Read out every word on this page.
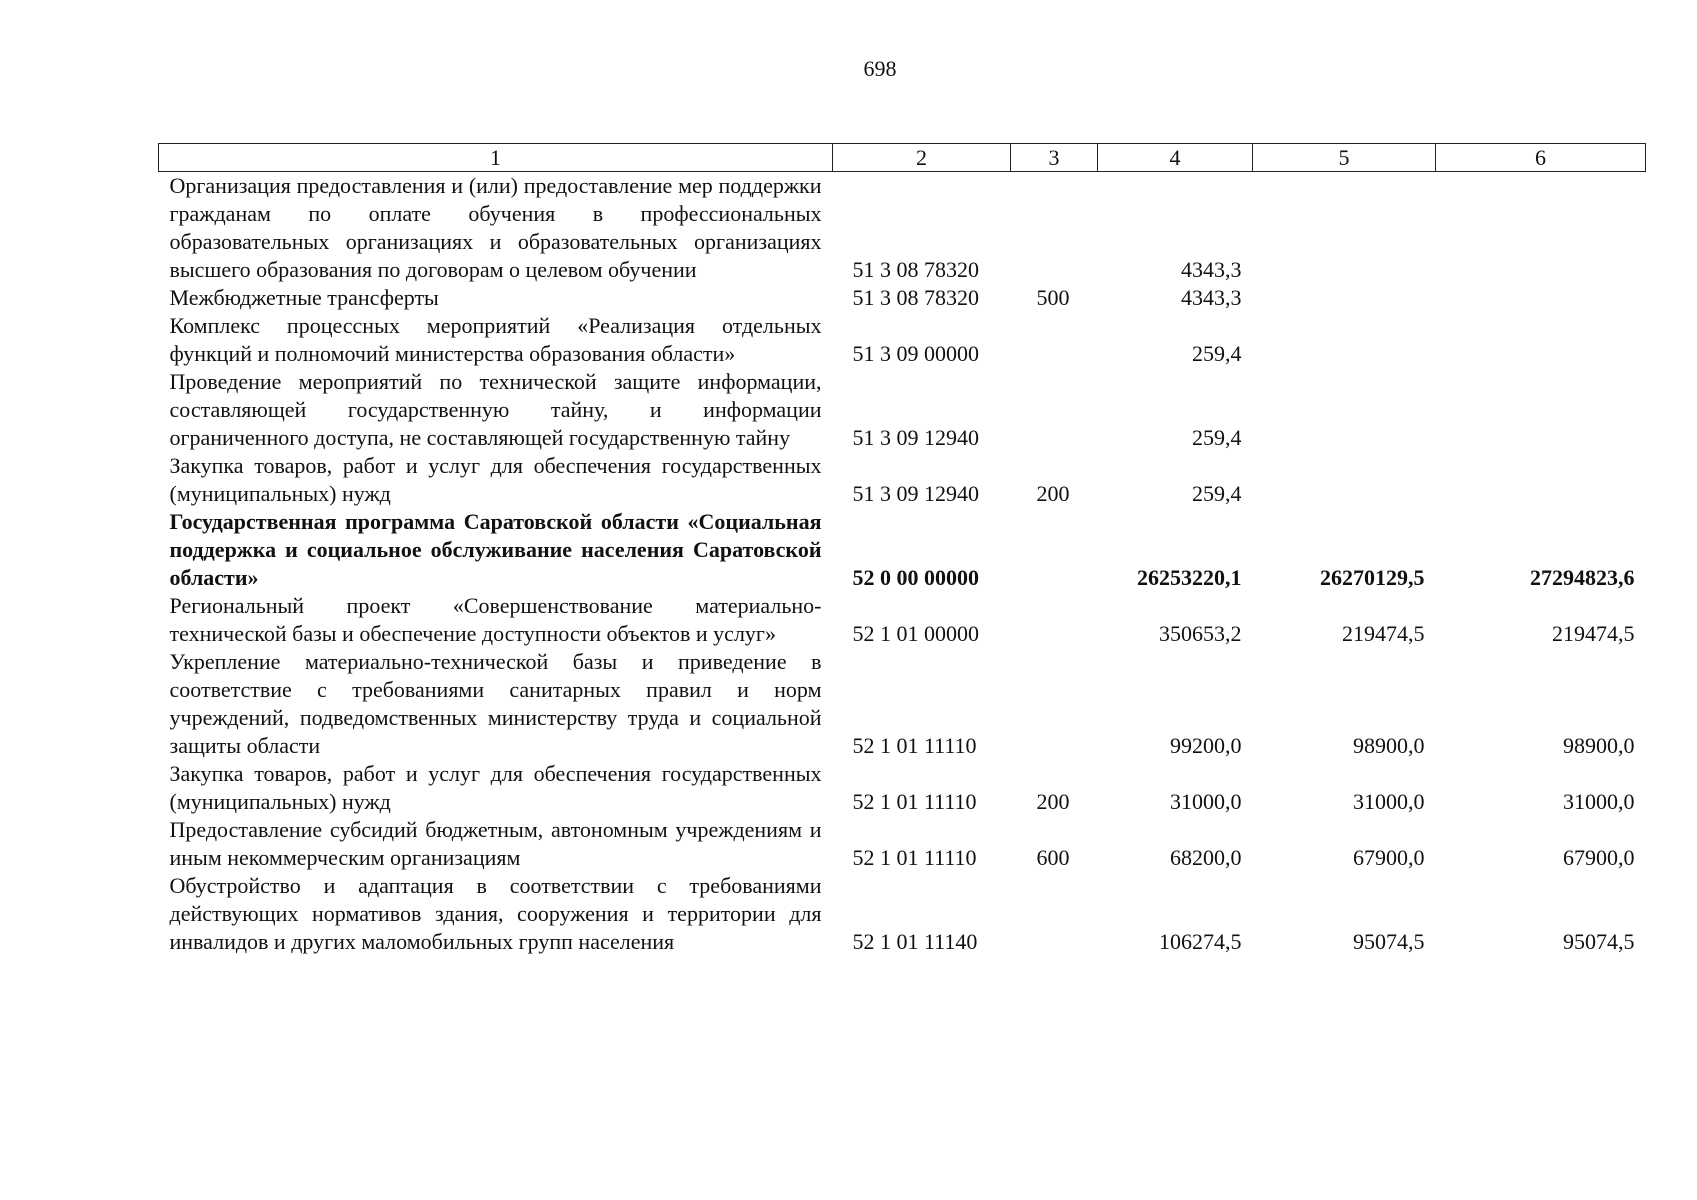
698
1	2	3	4	5	6
Организация предоставления и (или) предоставление мер поддержки гражданам по оплате обучения в профессиональных образовательных организациях и образовательных организациях высшего образования по договорам о целевом обучении	51 3 08 78320		4343,3		
Межбюджетные трансферты	51 3 08 78320	500	4343,3		
Комплекс процессных мероприятий «Реализация отдельных функций и полномочий министерства образования области»	51 3 09 00000		259,4		
Проведение мероприятий по технической защите информации, составляющей государственную тайну, и информации ограниченного доступа, не составляющей государственную тайну	51 3 09 12940		259,4		
Закупка товаров, работ и услуг для обеспечения государственных (муниципальных) нужд	51 3 09 12940	200	259,4		
Государственная программа Саратовской области «Социальная поддержка и социальное обслуживание населения Саратовской области»	52 0 00 00000		26253220,1	26270129,5	27294823,6
Региональный проект «Совершенствование материально-технической базы и обеспечение доступности объектов и услуг»	52 1 01 00000		350653,2	219474,5	219474,5
Укрепление материально-технической базы и приведение в соответствие с требованиями санитарных правил и норм учреждений, подведомственных министерству труда и социальной защиты области	52 1 01 11110		99200,0	98900,0	98900,0
Закупка товаров, работ и услуг для обеспечения государственных (муниципальных) нужд	52 1 01 11110	200	31000,0	31000,0	31000,0
Предоставление субсидий бюджетным, автономным учреждениям и иным некоммерческим организациям	52 1 01 11110	600	68200,0	67900,0	67900,0
Обустройство и адаптация в соответствии с требованиями действующих нормативов здания, сооружения и территории для инвалидов и других маломобильных групп населения	52 1 01 11140		106274,5	95074,5	95074,5
